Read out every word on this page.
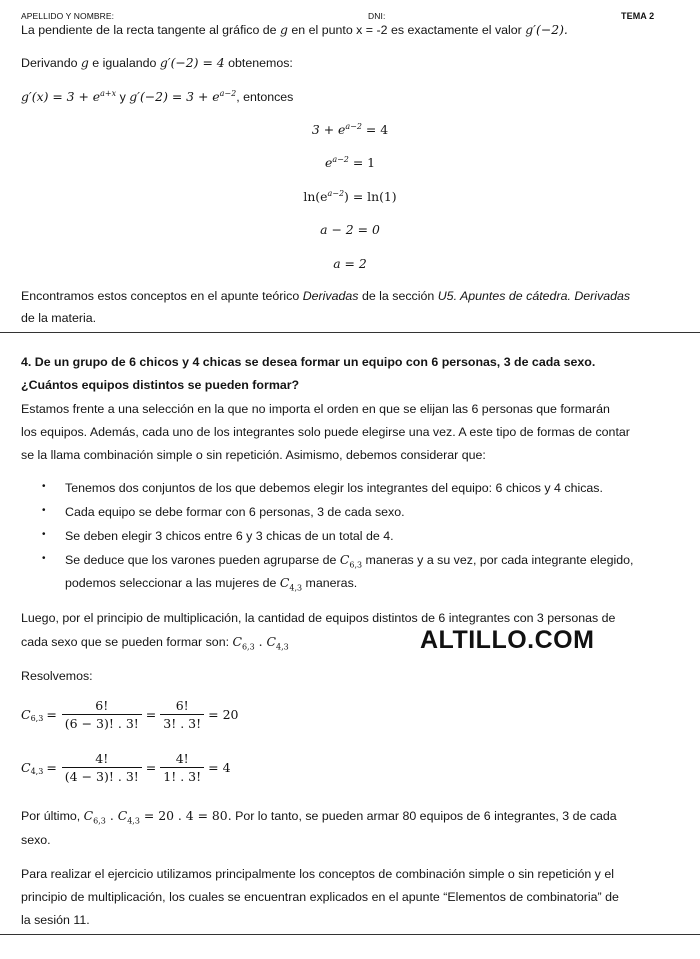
APELLIDO Y NOMBRE:	DNI:	TEMA 2
La pendiente de la recta tangente al gráfico de g en el punto x = -2 es exactamente el valor g′(−2).
Derivando g e igualando g′(−2) = 4 obtenemos:
$g'(x) = 3 + e^{a+x}$ y $g'(-2) = 3 + e^{a-2}$, entonces
$3 + e^{a-2} = 4$
$e^{a-2} = 1$
$\ln(e^{a-2}) = \ln(1)$
a − 2 = 0
a = 2
Encontramos estos conceptos en el apunte teórico Derivadas de la sección U5. Apuntes de cátedra. Derivadas
de la materia.
4. De un grupo de 6 chicos y 4 chicas se desea formar un equipo con 6 personas, 3 de cada sexo.
¿Cuántos equipos distintos se pueden formar?
Estamos frente a una selección en la que no importa el orden en que se elijan las 6 personas que formarán
los equipos. Además, cada uno de los integrantes solo puede elegirse una vez. A este tipo de formas de contar
se la llama combinación simple o sin repetición. Asimismo, debemos considerar que:
• Tenemos dos conjuntos de los que debemos elegir los integrantes del equipo: 6 chicos y 4 chicas.
• Cada equipo se debe formar con 6 personas, 3 de cada sexo.
• Se deben elegir 3 chicos entre 6 y 3 chicas de un total de 4.
• Se deduce que los varones pueden agruparse de $C_{6,3}$ maneras y a su vez, por cada integrante elegido,
podemos seleccionar a las mujeres de $C_{4,3}$ maneras.
Luego, por el principio de multiplicación, la cantidad de equipos distintos de 6 integrantes con 3 personas de
cada sexo que se pueden formar son: $C_{6,3}$ . $C_{4,3}$	ALTILLO.COM
Resolvemos:
$C_{6,3} = \frac{6!}{(6 - 3)! . 3!} = \frac{6!}{3! . 3!} = 20$
$C_{4,3} = \frac{4!}{(4 - 3)! . 3!} = \frac{4!}{1! . 3!} = 4$
Por último, $C_{6,3}$ . $C_{4,3} = 20$ . 4 = 80. Por lo tanto, se pueden armar 80 equipos de 6 integrantes, 3 de cada
sexo.
Para realizar el ejercicio utilizamos principalmente los conceptos de combinación simple o sin repetición y el
principio de multiplicación, los cuales se encuentran explicados en el apunte “Elementos de combinatoria” de
la sesión 11.
